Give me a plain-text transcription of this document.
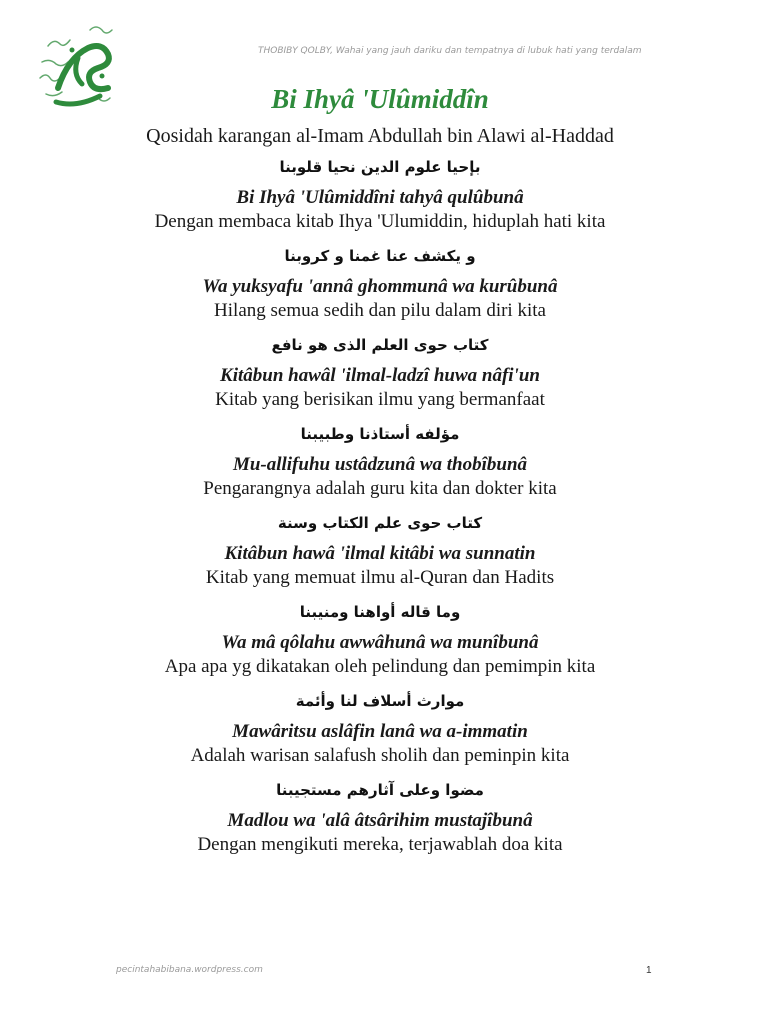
THOBIBY QOLBY, Wahai yang jauh dariku dan tempatnya di lubuk hati yang terdalam
Bi Ihyâ 'Ulûmiddîn
Qosidah karangan al-Imam Abdullah bin Alawi al-Haddad
بإحيا علوم الدين نحيا قلوبنا
Bi Ihyâ 'Ulûmiddîni tahyâ qulûbunâ
Dengan membaca kitab Ihya 'Ulumiddin, hiduplah hati kita
و يكشف عنا غمنا و كروبنا
Wa yuksyafu 'annâ ghommunâ wa kurûbunâ
Hilang semua sedih dan pilu dalam diri kita
كتاب حوى العلم الذى هو نافع
Kitâbun hawâl 'ilmal-ladzî huwa nâfi'un
Kitab yang berisikan ilmu yang bermanfaat
مؤلفه أستاذنا وطبيبنا
Mu-allifuhu ustâdzunâ wa thobîbunâ
Pengarangnya adalah guru kita dan dokter kita
كتاب حوى علم الكتاب وسنة
Kitâbun hawâ 'ilmal kitâbi wa sunnatin
Kitab yang memuat ilmu al-Quran dan Hadits
وما قاله أواهنا ومنيبنا
Wa mâ qôlahu awwâhunâ wa munîbunâ
Apa apa yg dikatakan oleh pelindung dan pemimpin kita
موارث أسلاف لنا وأئمة
Mawâritsu aslâfin lanâ wa a-immatin
Adalah warisan salafush sholih dan peminpin kita
مضوا وعلى آثارهم مستجيبنا
Madlou wa 'alâ âtsârihim mustajîbunâ
Dengan mengikuti mereka, terjawablah doa kita
pecintahabibana.wordpress.com	1
